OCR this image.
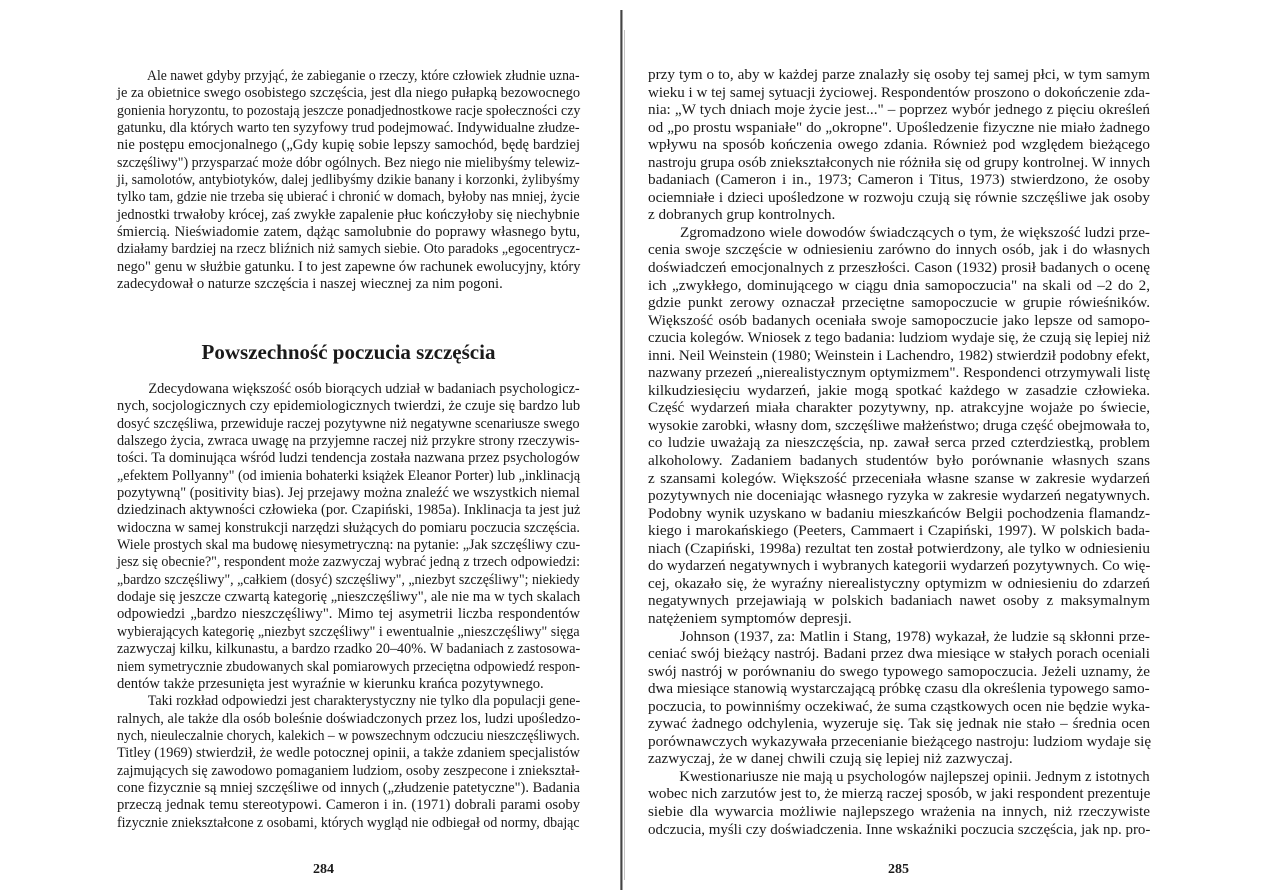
Ale nawet gdyby przyjąć, że zabieganie o rzeczy, które człowiek złudnie uzna-
je za obietnice swego osobistego szczęścia, jest dla niego pułapką bezowocnego
gonienia horyzontu, to pozostają jeszcze ponadjednostkowe racje społeczności czy
gatunku, dla których warto ten syzyfowy trud podejmować. Indywidualne złudze-
nie postępu emocjonalnego („Gdy kupię sobie lepszy samochód, będę bardziej
szczęśliwy") przysparzać może dóbr ogólnych. Bez niego nie mielibyśmy telewiz-
ji, samolotów, antybiotyków, dalej jedlibyśmy dzikie banany i korzonki, żylibyśmy
tylko tam, gdzie nie trzeba się ubierać i chronić w domach, byłoby nas mniej, życie
jednostki trwałoby krócej, zaś zwykłe zapalenie płuc kończyłoby się niechybnie
śmiercią. Nieświadomie zatem, dążąc samolubnie do poprawy własnego bytu,
działamy bardziej na rzecz bliźnich niż samych siebie. Oto paradoks „egocentrycz-
nego" genu w służbie gatunku. I to jest zapewne ów rachunek ewolucyjny, który
zadecydował o naturze szczęścia i naszej wiecznej za nim pogoni.
Powszechność poczucia szczęścia
Zdecydowana większość osób biorących udział w badaniach psychologicz-
nych, socjologicznych czy epidemiologicznych twierdzi, że czuje się bardzo lub
dosyć szczęśliwa, przewiduje raczej pozytywne niż negatywne scenariusze swego
dalszego życia, zwraca uwagę na przyjemne raczej niż przykre strony rzeczywis-
tości. Ta dominująca wśród ludzi tendencja została nazwana przez psychologów
„efektem Pollyanny" (od imienia bohaterki książek Eleanor Porter) lub „inklinacją
pozytywną" (positivity bias). Jej przejawy można znaleźć we wszystkich niemal
dziedzinach aktywności człowieka (por. Czapiński, 1985a). Inklinacja ta jest już
widoczna w samej konstrukcji narzędzi służących do pomiaru poczucia szczęścia.
Wiele prostych skal ma budowę niesymetryczną: na pytanie: „Jak szczęśliwy czu-
jesz się obecnie?", respondent może zazwyczaj wybrać jedną z trzech odpowiedzi:
„bardzo szczęśliwy", „całkiem (dosyć) szczęśliwy", „niezbyt szczęśliwy"; niekiedy
dodaje się jeszcze czwartą kategorię „nieszczęśliwy", ale nie ma w tych skalach
odpowiedzi „bardzo nieszczęśliwy". Mimo tej asymetrii liczba respondentów
wybierających kategorię „niezbyt szczęśliwy" i ewentualnie „nieszczęśliwy" sięga
zazwyczaj kilku, kilkunastu, a bardzo rzadko 20–40%. W badaniach z zastosowa-
niem symetrycznie zbudowanych skal pomiarowych przeciętna odpowiedź respon-
dentów także przesunięta jest wyraźnie w kierunku krańca pozytywnego.
Taki rozkład odpowiedzi jest charakterystyczny nie tylko dla populacji gene-
ralnych, ale także dla osób boleśnie doświadczonych przez los, ludzi upośledzo-
nych, nieuleczalnie chorych, kalekich – w powszechnym odczuciu nieszczęśliwych.
Titley (1969) stwierdził, że wedle potocznej opinii, a także zdaniem specjalistów
zajmujących się zawodowo pomaganiem ludziom, osoby zeszpecone i zniekształ-
cone fizycznie są mniej szczęśliwe od innych („złudzenie patetyczne"). Badania
przeczą jednak temu stereotypowi. Cameron i in. (1971) dobrali parami osoby
fizycznie zniekształcone z osobami, których wygląd nie odbiegał od normy, dbając
284
przy tym o to, aby w każdej parze znalazły się osoby tej samej płci, w tym samym
wieku i w tej samej sytuacji życiowej. Respondentów proszono o dokończenie zda-
nia: „W tych dniach moje życie jest..." – poprzez wybór jednego z pięciu określeń
od „po prostu wspaniałe" do „okropne". Upośledzenie fizyczne nie miało żadnego
wpływu na sposób kończenia owego zdania. Również pod względem bieżącego
nastroju grupa osób zniekształconych nie różniła się od grupy kontrolnej. W innych
badaniach (Cameron i in., 1973; Cameron i Titus, 1973) stwierdzono, że osoby
ociemniałe i dzieci upośledzone w rozwoju czują się równie szczęśliwe jak osoby
z dobranych grup kontrolnych.
Zgromadzono wiele dowodów świadczących o tym, że większość ludzi prze-
cenia swoje szczęście w odniesieniu zarówno do innych osób, jak i do własnych
doświadczeń emocjonalnych z przeszłości. Cason (1932) prosił badanych o ocenę
ich „zwykłego, dominującego w ciągu dnia samopoczucia" na skali od –2 do 2,
gdzie punkt zerowy oznaczał przeciętne samopoczucie w grupie rówieśników.
Większość osób badanych oceniała swoje samopoczucie jako lepsze od samopo-
czucia kolegów. Wniosek z tego badania: ludziom wydaje się, że czują się lepiej niż
inni. Neil Weinstein (1980; Weinstein i Lachendro, 1982) stwierdził podobny efekt,
nazwany przezeń „nierealistycznym optymizmem". Respondenci otrzymywali listę
kilkudziesięciu wydarzeń, jakie mogą spotkać każdego w zasadzie człowieka.
Część wydarzeń miała charakter pozytywny, np. atrakcyjne wojaże po świecie,
wysokie zarobki, własny dom, szczęśliwe małżeństwo; druga część obejmowała to,
co ludzie uważają za nieszczęścia, np. zawał serca przed czterdziestką, problem
alkoholowy. Zadaniem badanych studentów było porównanie własnych szans
z szansami kolegów. Większość przeceniała własne szanse w zakresie wydarzeń
pozytywnych nie doceniając własnego ryzyka w zakresie wydarzeń negatywnych.
Podobny wynik uzyskano w badaniu mieszkańców Belgii pochodzenia flamandz-
kiego i marokańskiego (Peeters, Cammaert i Czapiński, 1997). W polskich bada-
niach (Czapiński, 1998a) rezultat ten został potwierdzony, ale tylko w odniesieniu
do wydarzeń negatywnych i wybranych kategorii wydarzeń pozytywnych. Co wię-
cej, okazało się, że wyraźny nierealistyczny optymizm w odniesieniu do zdarzeń
negatywnych przejawiają w polskich badaniach nawet osoby z maksymalnym
natężeniem symptomów depresji.
Johnson (1937, za: Matlin i Stang, 1978) wykazał, że ludzie są skłonni prze-
ceniać swój bieżący nastrój. Badani przez dwa miesiące w stałych porach oceniali
swój nastrój w porównaniu do swego typowego samopoczucia. Jeżeli uznamy, że
dwa miesiące stanowią wystarczającą próbkę czasu dla określenia typowego samo-
poczucia, to powinniśmy oczekiwać, że suma cząstkowych ocen nie będzie wyka-
zywać żadnego odchylenia, wyzeruje się. Tak się jednak nie stało – średnia ocen
porównawczych wykazywała przecenianie bieżącego nastroju: ludziom wydaje się
zazwyczaj, że w danej chwili czują się lepiej niż zazwyczaj.
Kwestionariusze nie mają u psychologów najlepszej opinii. Jednym z istotnych
wobec nich zarzutów jest to, że mierzą raczej sposób, w jaki respondent prezentuje
siebie dla wywarcia możliwie najlepszego wrażenia na innych, niż rzeczywiste
odczucia, myśli czy doświadczenia. Inne wskaźniki poczucia szczęścia, jak np. pro-
285
